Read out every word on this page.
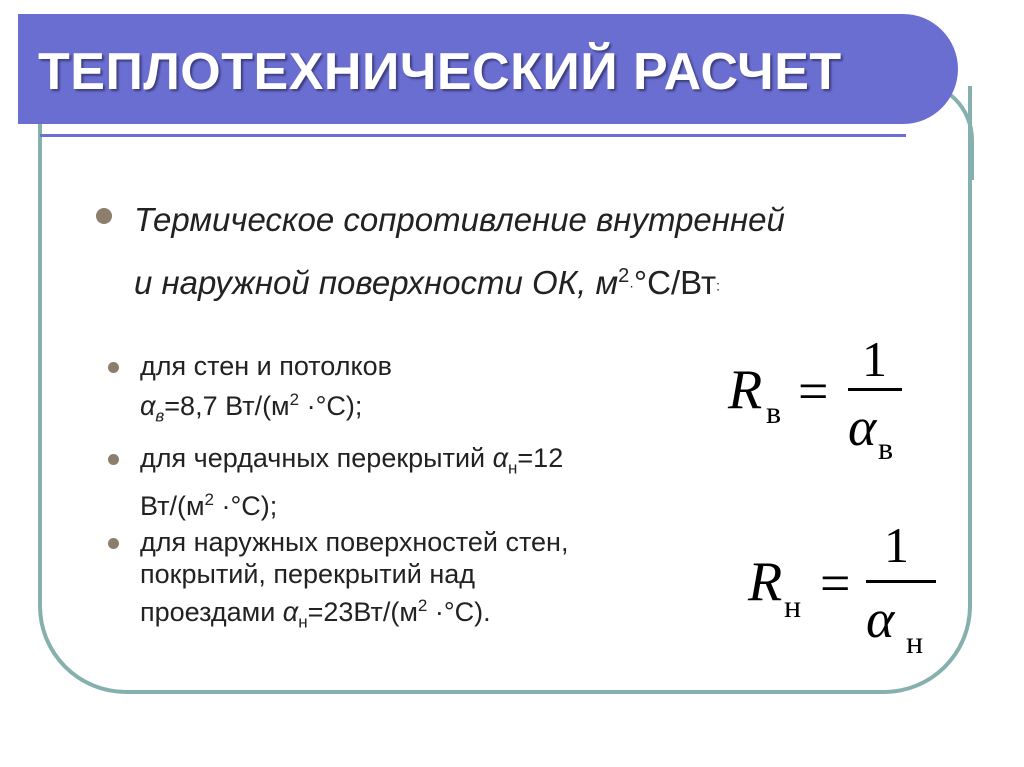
ТЕПЛОТЕХНИЧЕСКИЙ РАСЧЕТ
Термическое сопротивление внутренней
и наружной поверхности ОК, $м^2\cdot^\circ С/Вт$:
для стен и потолков
$\alpha_в=8,7$ $Вт/(м^2 \cdot^\circ С)$;
для чердачных перекрытий $\alpha_н=12$
$Вт/(м^2 \cdot^\circ С)$;
для наружных поверхностей стен,
покрытий, перекрытий над
проездами $\alpha_н=23Вт/(м^2 \cdot^\circ С)$.
R в =
1
α в
R н =
1
α н
